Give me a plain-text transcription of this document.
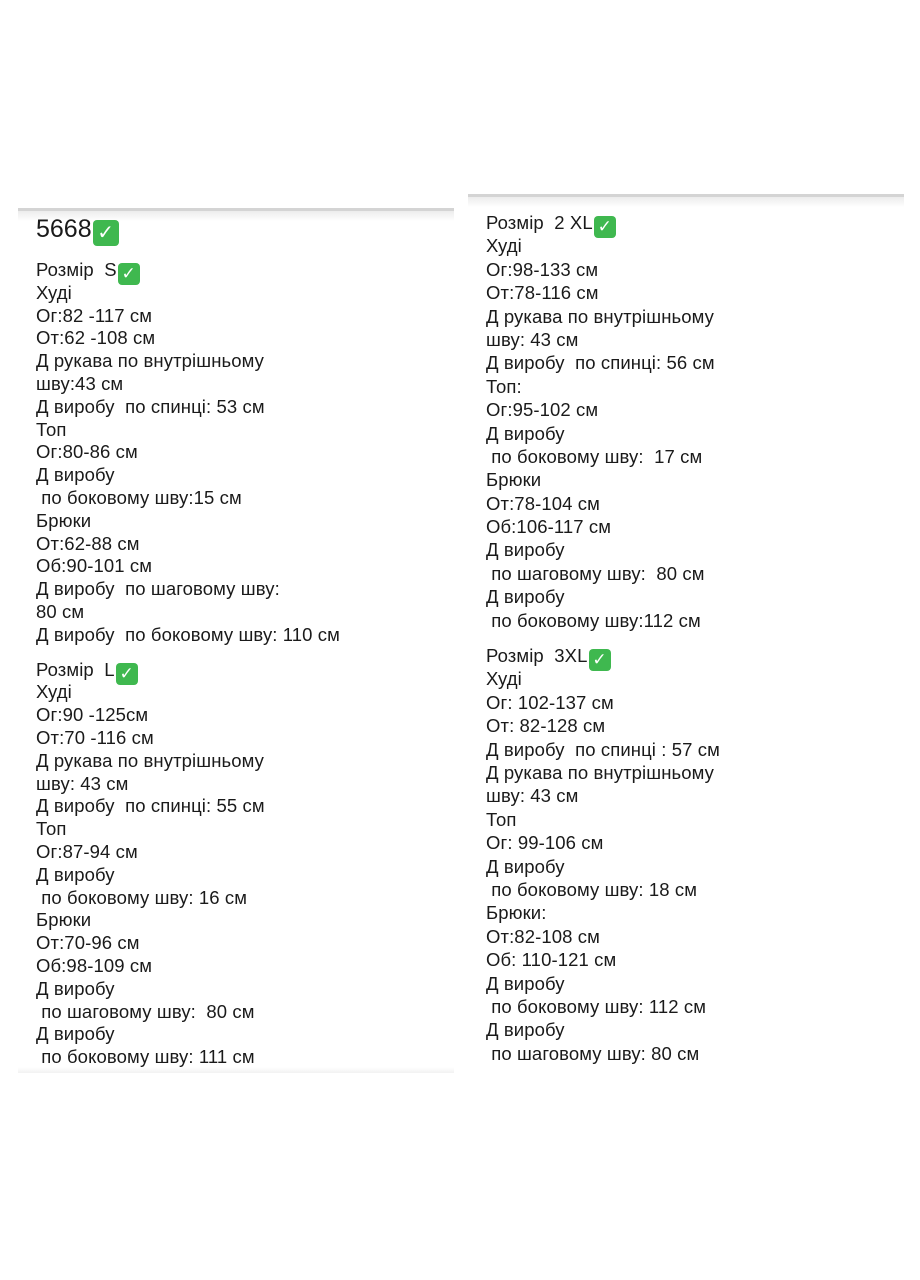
5668 ✓
Розмір  S ✓
Худі
Ог:82 -117 см
От:62 -108 см
Д рукава по внутрішньому
шву:43 см
Д виробу  по спинці: 53 см
Топ
Ог:80-86 см
Д виробу
по боковому шву:15 см
Брюки
От:62-88 см
Об:90-101 см
Д виробу  по шаговому шву:
80 см
Д виробу  по боковому шву: 110 см
Розмір  L ✓
Худі
Ог:90 -125см
От:70 -116 см
Д рукава по внутрішньому
шву: 43 см
Д виробу  по спинці: 55 см
Топ
Ог:87-94 см
Д виробу
по боковому шву: 16 см
Брюки
От:70-96 см
Об:98-109 см
Д виробу
по шаговому шву:  80 см
Д виробу
по боковому шву: 111 см
Розмір  2 XL ✓
Худі
Ог:98-133 см
От:78-116 см
Д рукава по внутрішньому
шву: 43 см
Д виробу  по спинці: 56 см
Топ:
Ог:95-102 см
Д виробу
по боковому шву:  17 см
Брюки
От:78-104 см
Об:106-117 см
Д виробу
по шаговому шву:  80 см
Д виробу
по боковому шву:112 см
Розмір  3XL ✓
Худі
Ог: 102-137 см
От: 82-128 см
Д виробу  по спинці : 57 см
Д рукава по внутрішньому
шву: 43 см
Топ
Ог: 99-106 см
Д виробу
по боковому шву: 18 см
Брюки:
От:82-108 см
Об: 110-121 см
Д виробу
по боковому шву: 112 см
Д виробу
по шаговому шву: 80 см
